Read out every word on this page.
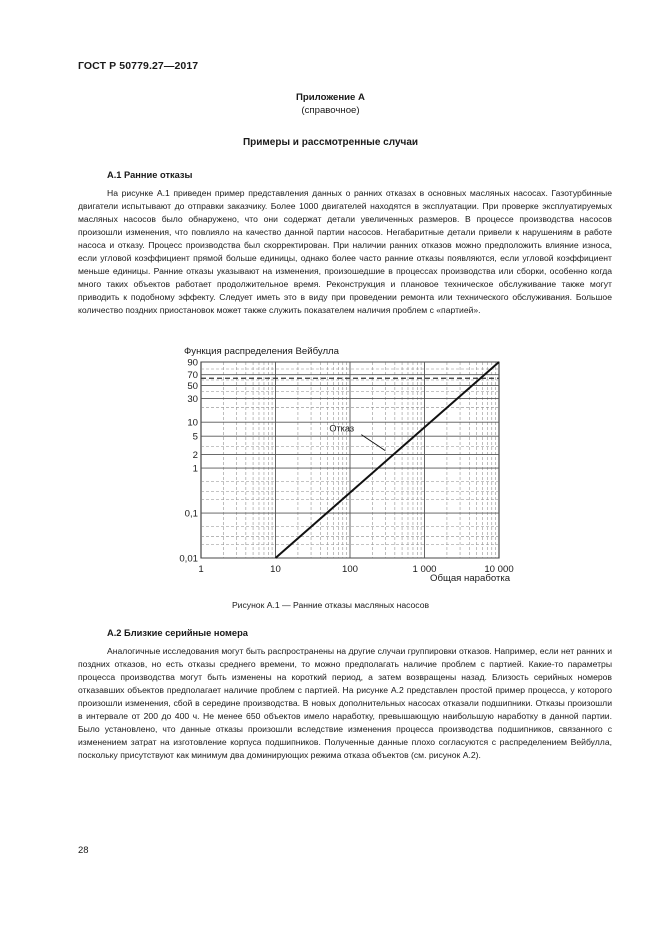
ГОСТ Р 50779.27—2017
Приложение А
(справочное)
Примеры и рассмотренные случаи
А.1 Ранние отказы

На рисунке А.1 приведен пример представления данных о ранних отказах в основных масляных насосах. Газотурбинные двигатели испытывают до отправки заказчику. Более 1000 двигателей находятся в эксплуатации. При проверке эксплуатируемых масляных насосов было обнаружено, что они содержат детали увеличенных размеров. В процессе производства насосов произошли изменения, что повлияло на качество данной партии насосов. Негабаритные детали привели к нарушениям в работе насоса и отказу. Процесс производства был скорректирован. При наличии ранних отказов можно предположить влияние износа, если угловой коэффициент прямой больше единицы, однако более часто ранние отказы появляются, если угловой коэффициент меньше единицы. Ранние отказы указывают на изменения, произошедшие в процессах производства или сборки, особенно когда много таких объектов работает продолжительное время. Реконструкция и плановое техническое обслуживание также могут приводить к подобному эффекту. Следует иметь это в виду при проведении ремонта или технического обслуживания. Большое количество поздних приостановок может также служить показателем наличия проблем с «партией».

Функция распределения Вейбулла
0,01
0,1
1
2
5
10
30
50
70
90
1	10	100	1 000	10 000
Отказ
Общая наработка
Рисунок А.1 — Ранние отказы масляных насосов
А.2 Близкие серийные номера

Аналогичные исследования могут быть распространены на другие случаи группировки отказов. Например, если нет ранних и поздних отказов, но есть отказы среднего времени, то можно предполагать наличие проблем с партией. Какие-то параметры процесса производства могут быть изменены на короткий период, а затем возвращены назад. Близость серийных номеров отказавших объектов предполагает наличие проблем с партией. На рисунке А.2 представлен простой пример процесса, у которого произошли изменения, сбой в середине производства. В новых дополнительных насосах отказали подшипники. Отказы произошли в интервале от 200 до 400 ч. Не менее 650 объектов имело наработку, превышающую наибольшую наработку в данной партии. Было установлено, что данные отказы произошли вследствие изменения процесса производства подшипников, связанного с изменением затрат на изготовление корпуса подшипников. Полученные данные плохо согласуются с распределением Вейбулла, поскольку присутствуют как минимум два доминирующих режима отказа объектов (см. рисунок А.2).

28
